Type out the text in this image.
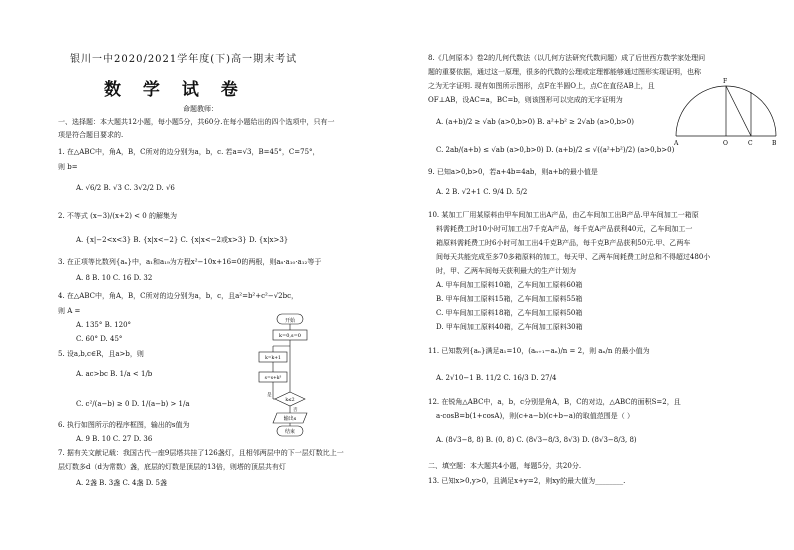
银川一中2020/2021学年度(下)高一期末考试
数 学 试 卷
命题教师：
一、选择题：本大题共12小题，每小题5分，共60分.在每小题给出的四个选项中，只有一
项是符合题目要求的.
1. 在△ABC中，角A，B，C所对的边分别为a，b，c. 若a=√3，B=45°，C=75°，
则 b=
A. √6/2 B. √3 C. 3√2/2 D. √6
2. 不等式 (x−3)/(x+2) < 0 的解集为
A. {x|−2<x<3} B. {x|x<−2} C. {x|x<−2或x>3} D. {x|x>3}
3. 在正项等比数列{aₙ}中，a₁和a₁₉为方程x²−10x+16=0的两根，则a₈·a₁₀·a₁₂等于
A. 8 B. 10 C. 16 D. 32
4. 在△ABC中，角A，B，C所对的边分别为a，b，c，且a²=b²+c²−√2bc，
则 A =
A. 135° B. 120°
C. 60° D. 45°
5. 设a,b,c∈R，且a>b，则
A. ac>bc B. 1/a < 1/b
C. c²/(a−b) ≥ 0 D. 1/(a−b) > 1/a
6. 执行如图所示的程序框图，输出的s值为
A. 9 B. 10 C. 27 D. 36
7. 据有关文献记载：我国古代一座9层塔共挂了126盏灯，且相邻两层中的下一层灯数比上一
层灯数多d（d为常数）盏，底层的灯数是顶层的13倍，则塔的顶层共有灯
A. 2盏 B. 3盏 C. 4盏 D. 5盏
开始
k=0,s=0
k=k+1
s=s+k³
k≤2
是
否
输出s
结束
8.《几何原本》卷2的几何代数法（以几何方法研究代数问题）成了后世西方数学家处理问
题的重要依据，通过这一原理，很多的代数的公理或定理都能够通过图形实现证明，也称
之为无字证明. 现有如图所示图形，点F在半圆O上，点C在直径AB上，且
OF⊥AB，设AC=a，BC=b，则该图形可以完成的无字证明为
A. (a+b)/2 ≥ √ab (a>0,b>0) B. a²+b² ≥ 2√ab (a>0,b>0)
C. 2ab/(a+b) ≤ √ab (a>0,b>0) D. (a+b)/2 ≤ √((a²+b²)/2) (a>0,b>0)
9. 已知a>0,b>0，若a+4b=4ab，则a+b的最小值是
A. 2 B. √2+1 C. 9/4 D. 5/2
10. 某加工厂用某原料由甲车间加工出A产品，由乙车间加工出B产品.甲车间加工一箱原
料需耗费工时10小时可加工出7千克A产品，每千克A产品获利40元，乙车间加工一
箱原料需耗费工时6小时可加工出4千克B产品，每千克B产品获利50元.甲、乙两车
间每天共能完成至多70多箱原料的加工，每天甲、乙两车间耗费工时总和不得超过480小
时，甲、乙两车间每天获利最大的生产计划为
A. 甲车间加工原料10箱，乙车间加工原料60箱
B. 甲车间加工原料15箱，乙车间加工原料55箱
C. 甲车间加工原料18箱，乙车间加工原料50箱
D. 甲车间加工原料40箱，乙车间加工原料30箱
11. 已知数列{aₙ}满足a₁=10，(aₙ₊₁−aₙ)/n = 2，则 aₙ/n 的最小值为
A. 2√10−1 B. 11/2 C. 16/3 D. 27/4
12. 在锐角△ABC中，a，b，c分别是角A，B，C的对边，△ABC的面积S=2，且
a·cosB=b(1+cosA)，则(c+a−b)(c+b−a)的取值范围是（ ）
A. (8√3−8, 8) B. (0, 8) C. (8√3−8/3, 8√3) D. (8√3−8/3, 8)
二、填空题：本大题共4小题，每题5分，共20分.
13. 已知x>0,y>0，且满足x+y=2，则xy的最大值为________.
F
A	O	C	B
